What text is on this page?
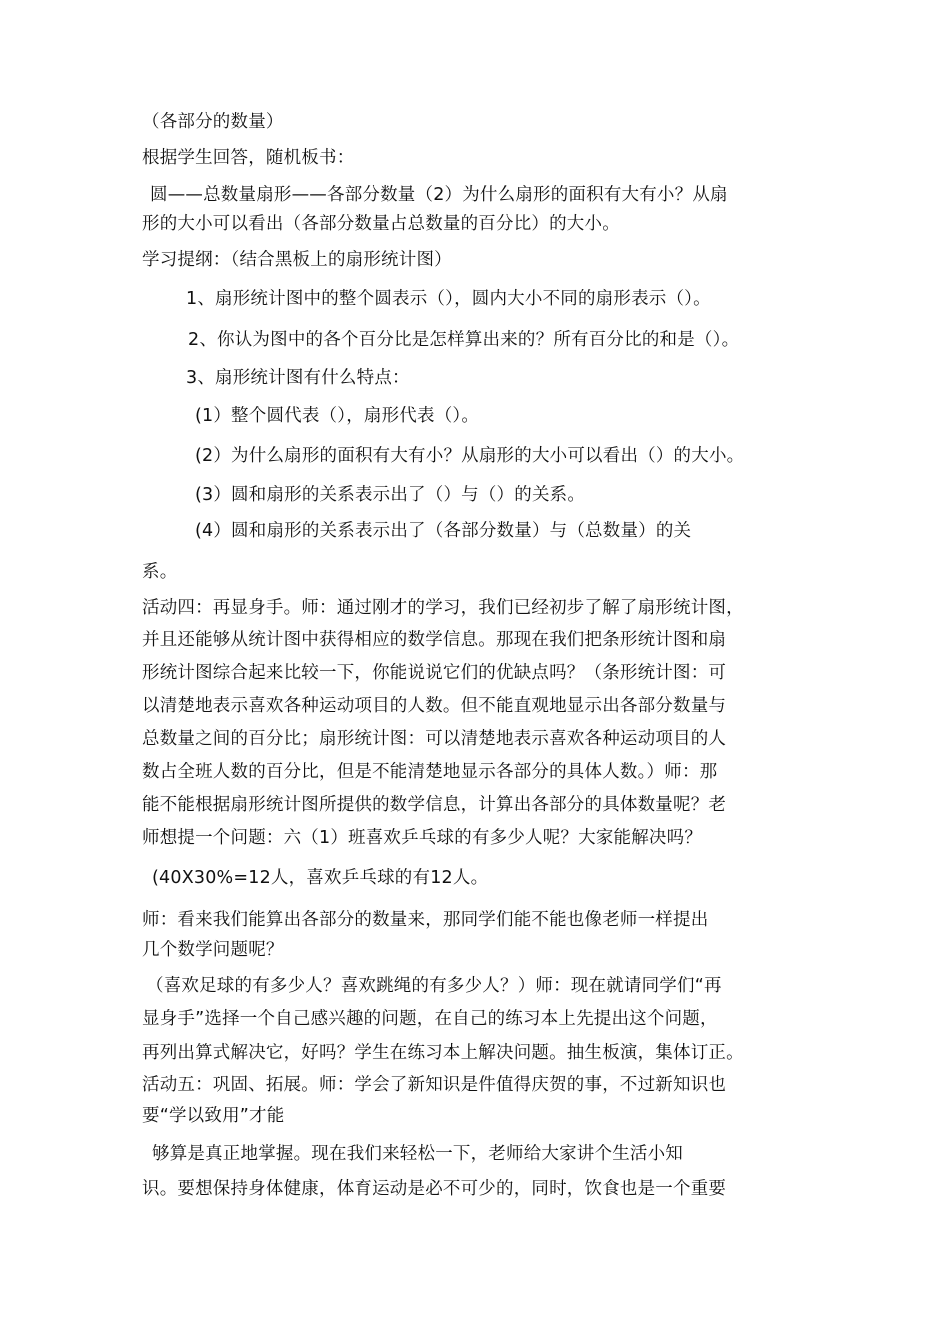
（各部分的数量）
根据学生回答，随机板书：
圆——总数量扇形——各部分数量（2）为什么扇形的面积有大有小？从扇
形的大小可以看出（各部分数量占总数量的百分比）的大小。
学习提纲：（结合黑板上的扇形统计图）
1、扇形统计图中的整个圆表示（），圆内大小不同的扇形表示（）。
2、你认为图中的各个百分比是怎样算出来的？所有百分比的和是（）。
3、扇形统计图有什么特点：
(1）整个圆代表（），扇形代表（）。
(2）为什么扇形的面积有大有小？从扇形的大小可以看出（）的大小。
(3）圆和扇形的关系表示出了（）与（）的关系。
(4）圆和扇形的关系表示出了（各部分数量）与（总数量）的关
系。
活动四：再显身手。师：通过刚才的学习，我们已经初步了解了扇形统计图，
并且还能够从统计图中获得相应的数学信息。那现在我们把条形统计图和扇
形统计图综合起来比较一下，你能说说它们的优缺点吗？（条形统计图：可
以清楚地表示喜欢各种运动项目的人数。但不能直观地显示出各部分数量与
总数量之间的百分比；扇形统计图：可以清楚地表示喜欢各种运动项目的人
数占全班人数的百分比，但是不能清楚地显示各部分的具体人数。）师：那
能不能根据扇形统计图所提供的数学信息，计算出各部分的具体数量呢？老
师想提一个问题：六（1）班喜欢乒乓球的有多少人呢？大家能解决吗？
(40X30%=12人，喜欢乒乓球的有12人。
师：看来我们能算出各部分的数量来，那同学们能不能也像老师一样提出
几个数学问题呢？
（喜欢足球的有多少人？喜欢跳绳的有多少人？）师：现在就请同学们“再
显身手”选择一个自己感兴趣的问题，在自己的练习本上先提出这个问题，
再列出算式解决它，好吗？学生在练习本上解决问题。抽生板演，集体订正。
活动五：巩固、拓展。师：学会了新知识是件值得庆贺的事，不过新知识也
要“学以致用”才能
够算是真正地掌握。现在我们来轻松一下，老师给大家讲个生活小知
识。要想保持身体健康，体育运动是必不可少的，同时，饮食也是一个重要
